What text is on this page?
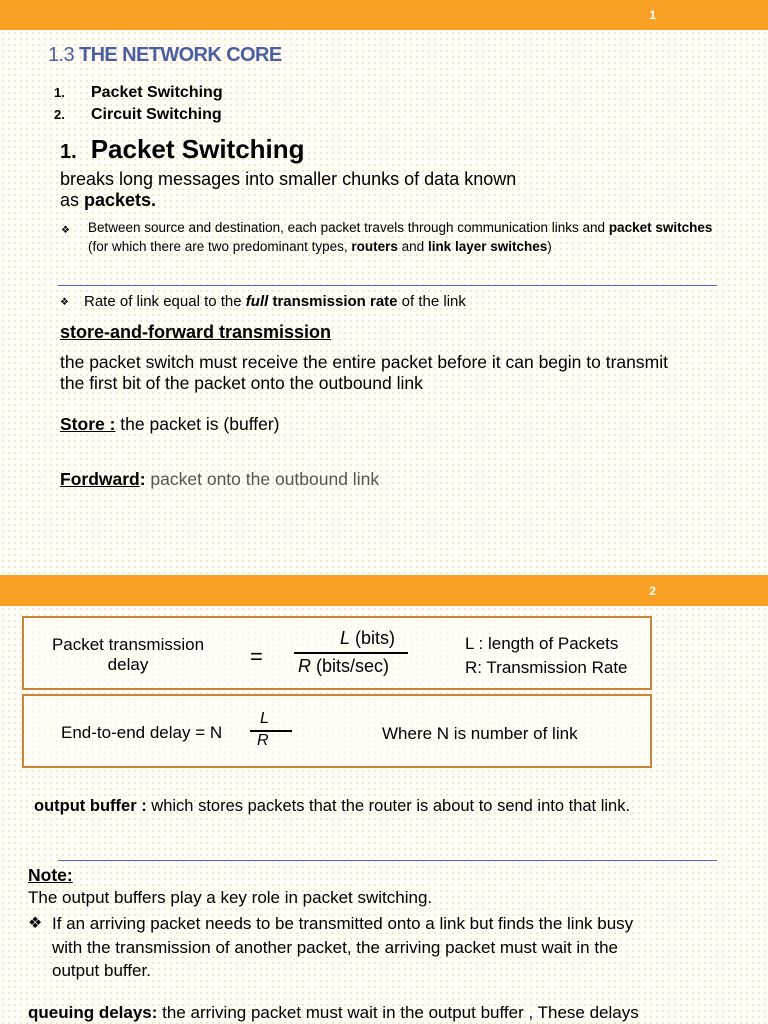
1
1.3 THE NETWORK CORE
1. Packet Switching
2. Circuit Switching
1. Packet Switching
breaks long messages into smaller chunks of data known
as packets.
❖ Between source and destination, each packet travels through communication links and packet switches (for which there are two predominant types, routers and link layer switches)
❖ Rate of link equal to the full transmission rate of the link
store-and-forward transmission
the packet switch must receive the entire packet before it can begin to transmit
the first bit of the packet onto the outbound link
Store : the packet is (buffer)
Fordward: packet onto the outbound link
2
Packet transmission
delay	=
L (bits)
R (bits/sec)
L : length of Packets
R: Transmission Rate
End-to-end delay = N
L
R	Where N is number of link
output buffer : which stores packets that the router is about to send into that link.
Note:
The output buffers play a key role in packet switching.
❖ If an arriving packet needs to be transmitted onto a link but finds the link busy
with the transmission of another packet, the arriving packet must wait in the
output buffer.
queuing delays: the arriving packet must wait in the output buffer , These delays
